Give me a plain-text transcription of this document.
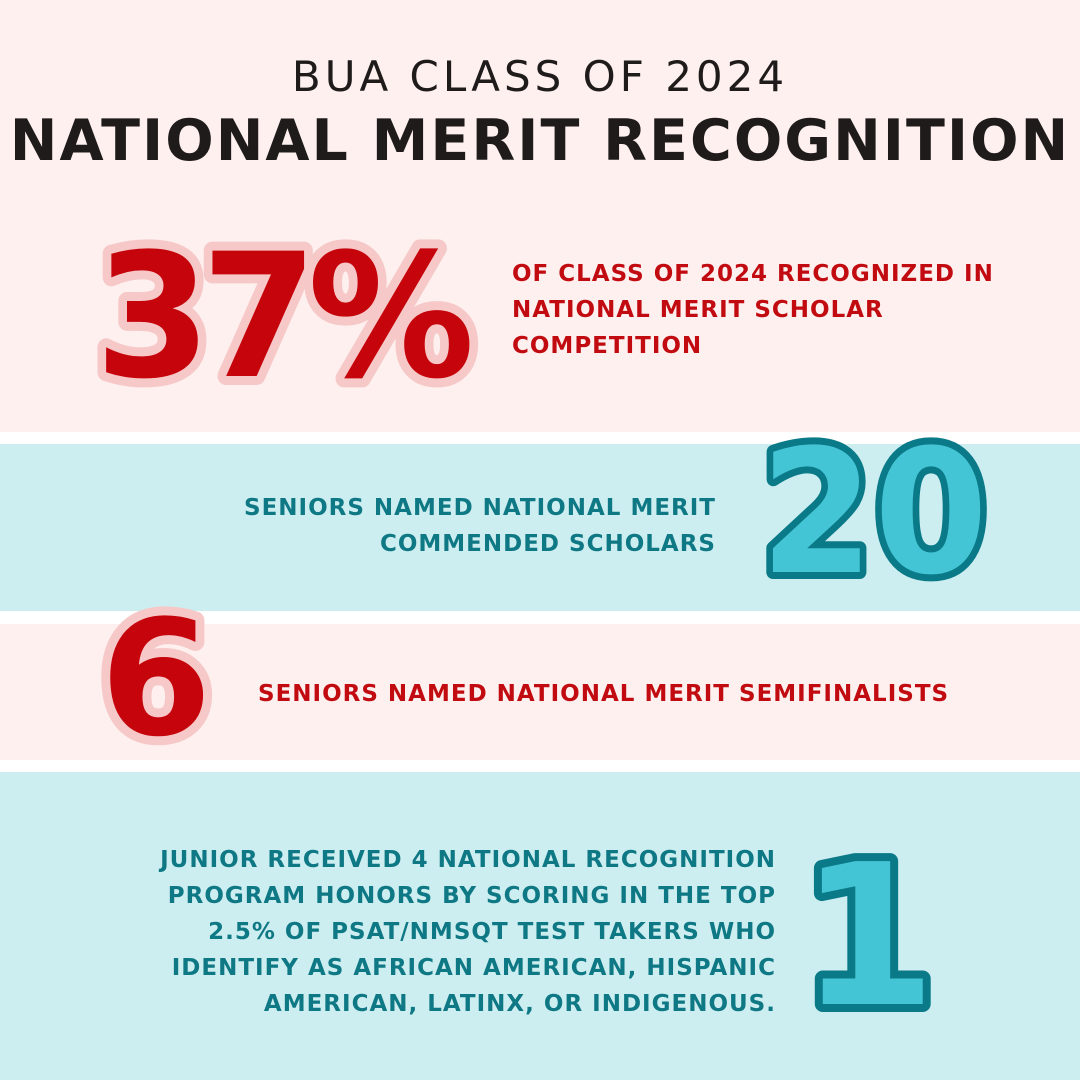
BUA CLASS OF 2024
NATIONAL MERIT RECOGNITION
37% OF CLASS OF 2024 RECOGNIZED IN NATIONAL MERIT SCHOLAR COMPETITION
20
SENIORS NAMED NATIONAL MERIT COMMENDED SCHOLARS
6 SENIORS NAMED NATIONAL MERIT SEMIFINALISTS
1
JUNIOR RECEIVED 4 NATIONAL RECOGNITION PROGRAM HONORS BY SCORING IN THE TOP 2.5% OF PSAT/NMSQT TEST TAKERS WHO IDENTIFY AS AFRICAN AMERICAN, HISPANIC AMERICAN, LATINX, OR INDIGENOUS.
